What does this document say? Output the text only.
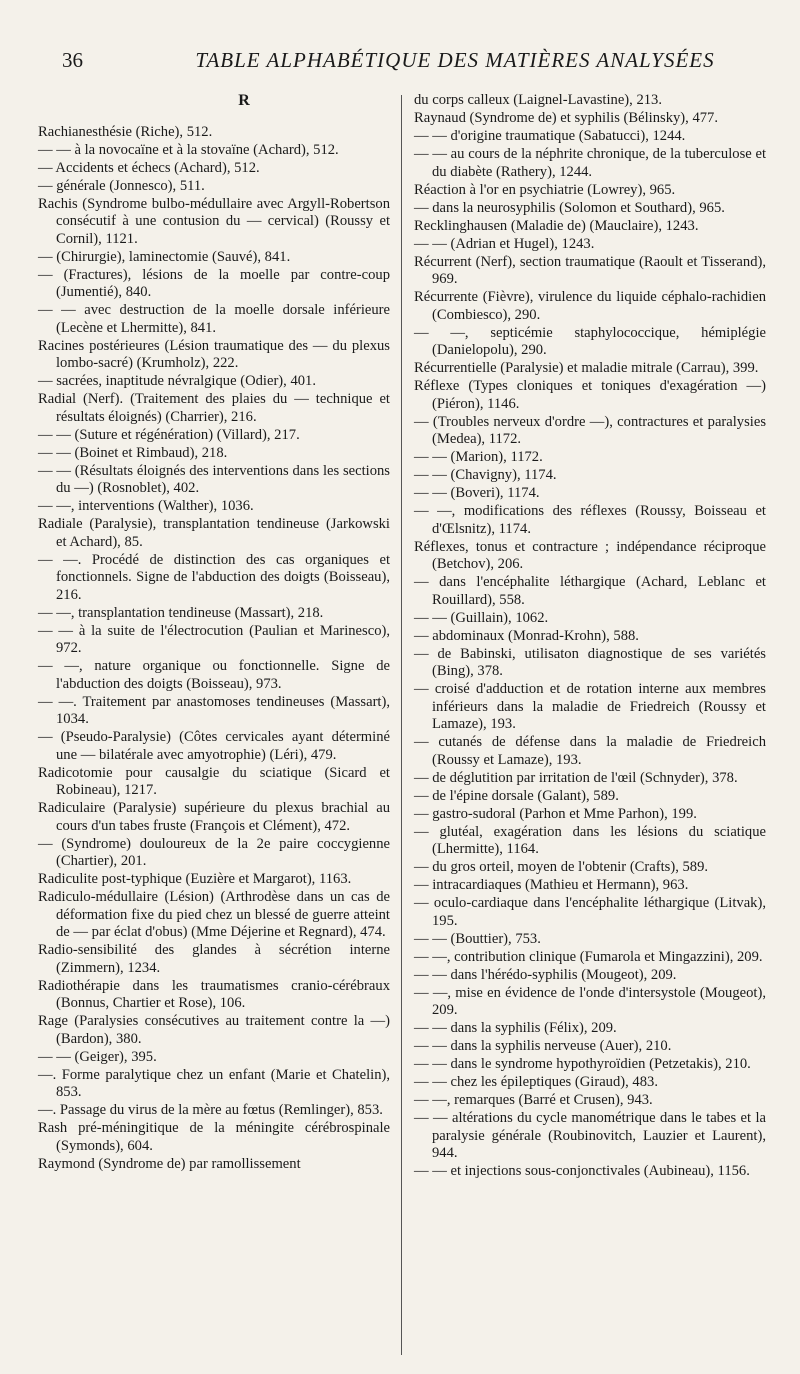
36	TABLE ALPHABÉTIQUE DES MATIÈRES ANALYSÉES
R

Rachianesthésie (Riche), 512.

— — à la novocaïne et à la stovaïne (Achard), 512.

— Accidents et échecs (Achard), 512.

— générale (Jonnesco), 511.

Rachis (Syndrome bulbo-médullaire avec Argyll-Robertson consécutif à une contusion du — cervical) (Roussy et Cornil), 1121.

— (Chirurgie), laminectomie (Sauvé), 841.

— (Fractures), lésions de la moelle par contre-coup (Jumentié), 840.

— — avec destruction de la moelle dorsale inférieure (Lecène et Lhermitte), 841.

Racines postérieures (Lésion traumatique des — du plexus lombo-sacré) (Krumholz), 222.

— sacrées, inaptitude névralgique (Odier), 401.

Radial (Nerf). (Traitement des plaies du — technique et résultats éloignés) (Charrier), 216.

— — (Suture et régénération) (Villard), 217.

— — (Boinet et Rimbaud), 218.

— — (Résultats éloignés des interventions dans les sections du —) (Rosnoblet), 402.

— —, interventions (Walther), 1036.

Radiale (Paralysie), transplantation tendineuse (Jarkowski et Achard), 85.

— —. Procédé de distinction des cas organiques et fonctionnels. Signe de l'abduction des doigts (Boisseau), 216.

— —, transplantation tendineuse (Massart), 218.

— — à la suite de l'électrocution (Paulian et Marinesco), 972.

— —, nature organique ou fonctionnelle. Signe de l'abduction des doigts (Boisseau), 973.

— —. Traitement par anastomoses tendineuses (Massart), 1034.

— (Pseudo-Paralysie) (Côtes cervicales ayant déterminé une — bilatérale avec amyotrophie) (Léri), 479.

Radicotomie pour causalgie du sciatique (Sicard et Robineau), 1217.

Radiculaire (Paralysie) supérieure du plexus brachial au cours d'un tabes fruste (François et Clément), 472.

— (Syndrome) douloureux de la 2e paire coccygienne (Chartier), 201.

Radiculite post-typhique (Euzière et Margarot), 1163.

Radiculo-médullaire (Lésion) (Arthrodèse dans un cas de déformation fixe du pied chez un blessé de guerre atteint de — par éclat d'obus) (Mme Déjerine et Regnard), 474.

Radio-sensibilité des glandes à sécrétion interne (Zimmern), 1234.

Radiothérapie dans les traumatismes cranio-cérébraux (Bonnus, Chartier et Rose), 106.

Rage (Paralysies consécutives au traitement contre la —) (Bardon), 380.

— — (Geiger), 395.

—. Forme paralytique chez un enfant (Marie et Chatelin), 853.

—. Passage du virus de la mère au fœtus (Remlinger), 853.

Rash pré-méningitique de la méningite cérébrospinale (Symonds), 604.

Raymond (Syndrome de) par ramollissement

du corps calleux (Laignel-Lavastine), 213.

Raynaud (Syndrome de) et syphilis (Bélinsky), 477.

— — d'origine traumatique (Sabatucci), 1244.

— — au cours de la néphrite chronique, de la tuberculose et du diabète (Rathery), 1244.

Réaction à l'or en psychiatrie (Lowrey), 965.

— dans la neurosyphilis (Solomon et Southard), 965.

Recklinghausen (Maladie de) (Mauclaire), 1243.

— — (Adrian et Hugel), 1243.

Récurrent (Nerf), section traumatique (Raoult et Tisserand), 969.

Récurrente (Fièvre), virulence du liquide céphalo-rachidien (Combiesco), 290.

— —, septicémie staphylococcique, hémiplégie (Danielopolu), 290.

Récurrentielle (Paralysie) et maladie mitrale (Carrau), 399.

Réflexe (Types cloniques et toniques d'exagération —) (Piéron), 1146.

— (Troubles nerveux d'ordre —), contractures et paralysies (Medea), 1172.

— — (Marion), 1172.

— — (Chavigny), 1174.

— — (Boveri), 1174.

— —, modifications des réflexes (Roussy, Boisseau et d'Œlsnitz), 1174.

Réflexes, tonus et contracture ; indépendance réciproque (Betchov), 206.

— dans l'encéphalite léthargique (Achard, Leblanc et Rouillard), 558.

— — (Guillain), 1062.

— abdominaux (Monrad-Krohn), 588.

— de Babinski, utilisaton diagnostique de ses variétés (Bing), 378.

— croisé d'adduction et de rotation interne aux membres inférieurs dans la maladie de Friedreich (Roussy et Lamaze), 193.

— cutanés de défense dans la maladie de Friedreich (Roussy et Lamaze), 193.

— de déglutition par irritation de l'œil (Schnyder), 378.

— de l'épine dorsale (Galant), 589.

— gastro-sudoral (Parhon et Mme Parhon), 199.

— glutéal, exagération dans les lésions du sciatique (Lhermitte), 1164.

— du gros orteil, moyen de l'obtenir (Crafts), 589.

— intracardiaques (Mathieu et Hermann), 963.

— oculo-cardiaque dans l'encéphalite léthargique (Litvak), 195.

— — (Bouttier), 753.

— —, contribution clinique (Fumarola et Mingazzini), 209.

— — dans l'hérédo-syphilis (Mougeot), 209.

— —, mise en évidence de l'onde d'intersystole (Mougeot), 209.

— — dans la syphilis (Félix), 209.

— — dans la syphilis nerveuse (Auer), 210.

— — dans le syndrome hypothyroïdien (Petzetakis), 210.

— — chez les épileptiques (Giraud), 483.

— —, remarques (Barré et Crusen), 943.

— — altérations du cycle manométrique dans le tabes et la paralysie générale (Roubinovitch, Lauzier et Laurent), 944.

— — et injections sous-conjonctivales (Aubineau), 1156.
